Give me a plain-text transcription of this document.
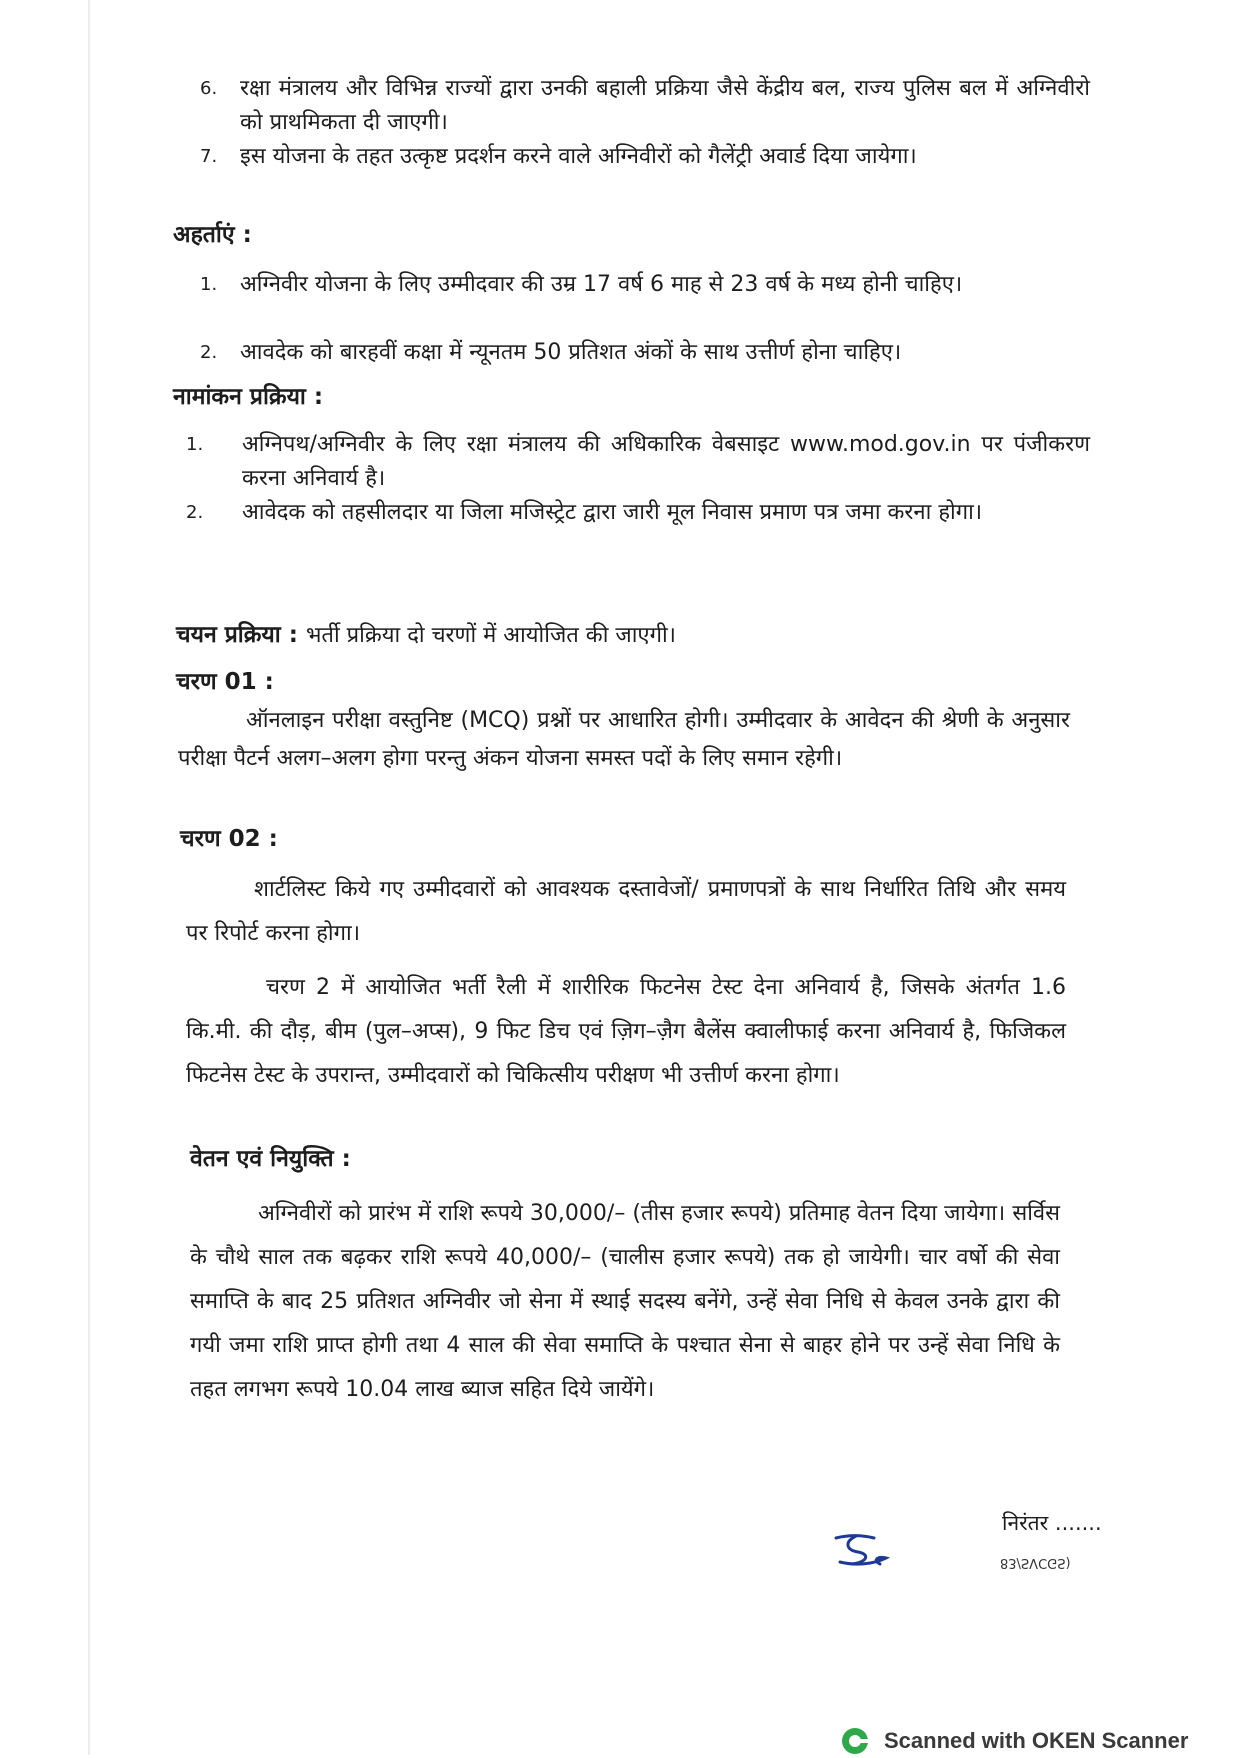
6. रक्षा मंत्रालय और विभिन्न राज्यों द्वारा उनकी बहाली प्रक्रिया जैसे केंद्रीय बल, राज्य पुलिस बल में अग्निवीरो को प्राथमिकता दी जाएगी।
7. इस योजना के तहत उत्कृष्ट प्रदर्शन करने वाले अग्निवीरों को गैलेंट्री अवार्ड दिया जायेगा।
अहर्ताएं :
1. अग्निवीर योजना के लिए उम्मीदवार की उम्र 17 वर्ष 6 माह से 23 वर्ष के मध्य होनी चाहिए।
2. आवदेक को बारहवीं कक्षा में न्यूनतम 50 प्रतिशत अंकों के साथ उत्तीर्ण होना चाहिए।
नामांकन प्रक्रिया :
1. अग्निपथ/अग्निवीर के लिए रक्षा मंत्रालय की अधिकारिक वेबसाइट www.mod.gov.in पर पंजीकरण करना अनिवार्य है।
2. आवेदक को तहसीलदार या जिला मजिस्ट्रेट द्वारा जारी मूल निवास प्रमाण पत्र जमा करना होगा।
चयन प्रक्रिया : भर्ती प्रक्रिया दो चरणों में आयोजित की जाएगी।
चरण 01 :
ऑनलाइन परीक्षा वस्तुनिष्ट (MCQ) प्रश्नों पर आधारित होगी। उम्मीदवार के आवेदन की श्रेणी के अनुसार परीक्षा पैटर्न अलग–अलग होगा परन्तु अंकन योजना समस्त पदों के लिए समान रहेगी।
चरण 02 :
शार्टलिस्ट किये गए उम्मीदवारों को आवश्यक दस्तावेजों/ प्रमाणपत्रों के साथ निर्धारित तिथि और समय पर रिपोर्ट करना होगा।
चरण 2 में आयोजित भर्ती रैली में शारीरिक फिटनेस टेस्ट देना अनिवार्य है, जिसके अंतर्गत 1.6 कि.मी. की दौड़, बीम (पुल–अप्स), 9 फिट डिच एवं ज़िग–ज़ैग बैलेंस क्वालीफाई करना अनिवार्य है, फिजिकल फिटनेस टेस्ट के उपरान्त, उम्मीदवारों को चिकित्सीय परीक्षण भी उत्तीर्ण करना होगा।
वेतन एवं नियुक्ति :
अग्निवीरों को प्रारंभ में राशि रूपये 30,000/– (तीस हजार रूपये) प्रतिमाह वेतन दिया जायेगा। सर्विस के चौथे साल तक बढ़कर राशि रूपये 40,000/– (चालीस हजार रूपये) तक हो जायेगी। चार वर्षो की सेवा समाप्ति के बाद 25 प्रतिशत अग्निवीर जो सेना में स्थाई सदस्य बनेंगे, उन्हें सेवा निधि से केवल उनके द्वारा की गयी जमा राशि प्राप्त होगी तथा 4 साल की सेवा समाप्ति के पश्चात सेना से बाहर होने पर उन्हें सेवा निधि के तहत लगभग रूपये 10.04 लाख ब्याज सहित दिये जायेंगे।
निरंतर .......
83/SVCGS)
Scanned with OKEN Scanner
